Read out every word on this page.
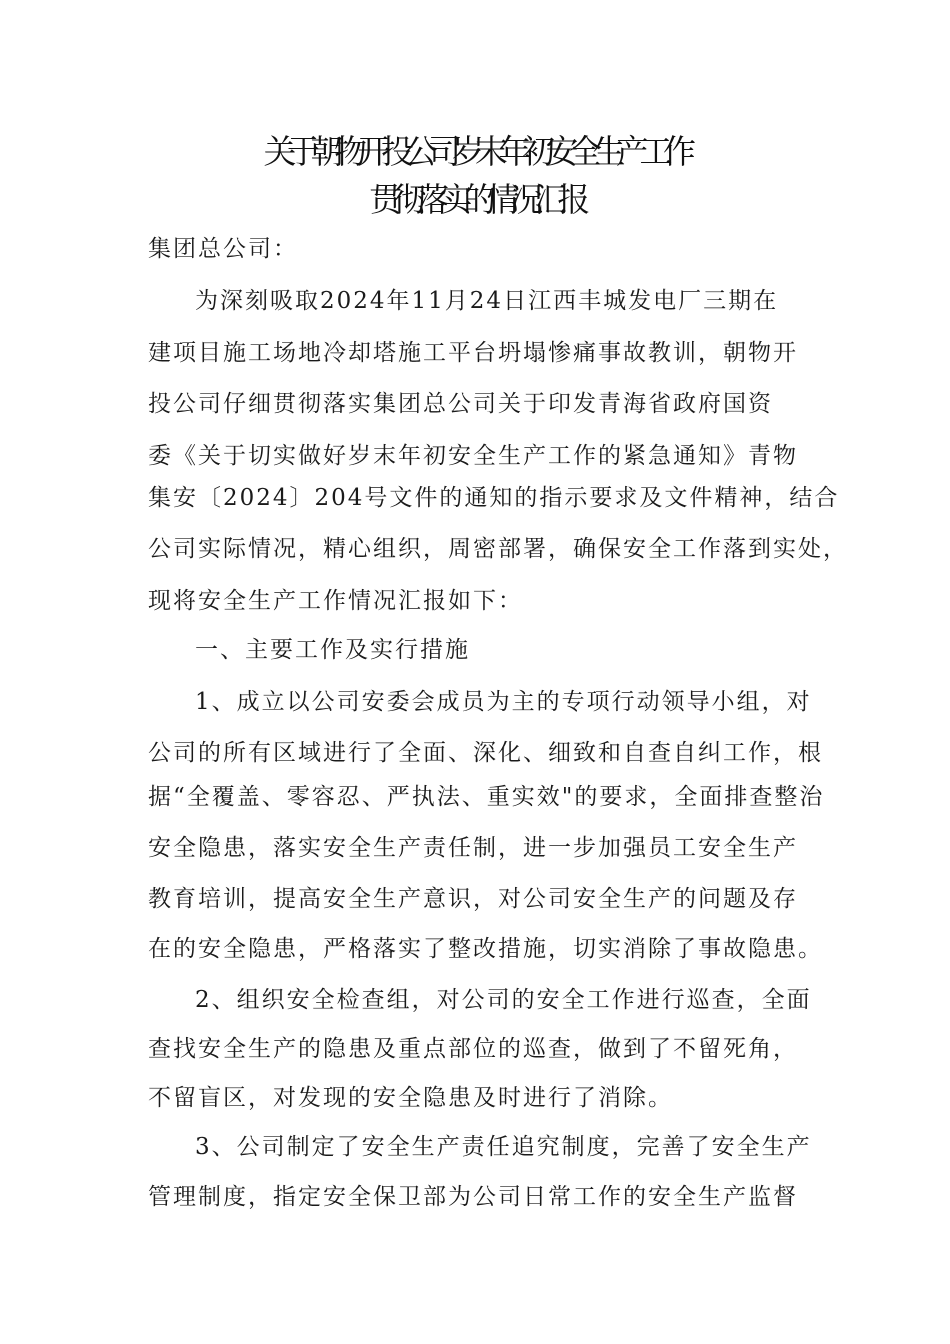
关于朝物开投公司岁末年初安全生产工作
贯彻落实的情况汇报
集团总公司：
为深刻吸取2024年11月24日江西丰城发电厂三期在
建项目施工场地冷却塔施工平台坍塌惨痛事故教训，朝物开
投公司仔细贯彻落实集团总公司关于印发青海省政府国资
委《关于切实做好岁末年初安全生产工作的紧急通知》青物
集安〔2024〕204号文件的通知的指示要求及文件精神，结合
公司实际情况，精心组织，周密部署，确保安全工作落到实处，
现将安全生产工作情况汇报如下：
一、主要工作及实行措施
1、成立以公司安委会成员为主的专项行动领导小组，对
公司的所有区域进行了全面、深化、细致和自查自纠工作，根
据“全覆盖、零容忍、严执法、重实效"的要求，全面排查整治
安全隐患，落实安全生产责任制，进一步加强员工安全生产
教育培训，提高安全生产意识，对公司安全生产的问题及存
在的安全隐患，严格落实了整改措施，切实消除了事故隐患。
2、组织安全检查组，对公司的安全工作进行巡查，全面
查找安全生产的隐患及重点部位的巡查，做到了不留死角，
不留盲区，对发现的安全隐患及时进行了消除。
3、公司制定了安全生产责任追究制度，完善了安全生产
管理制度，指定安全保卫部为公司日常工作的安全生产监督
